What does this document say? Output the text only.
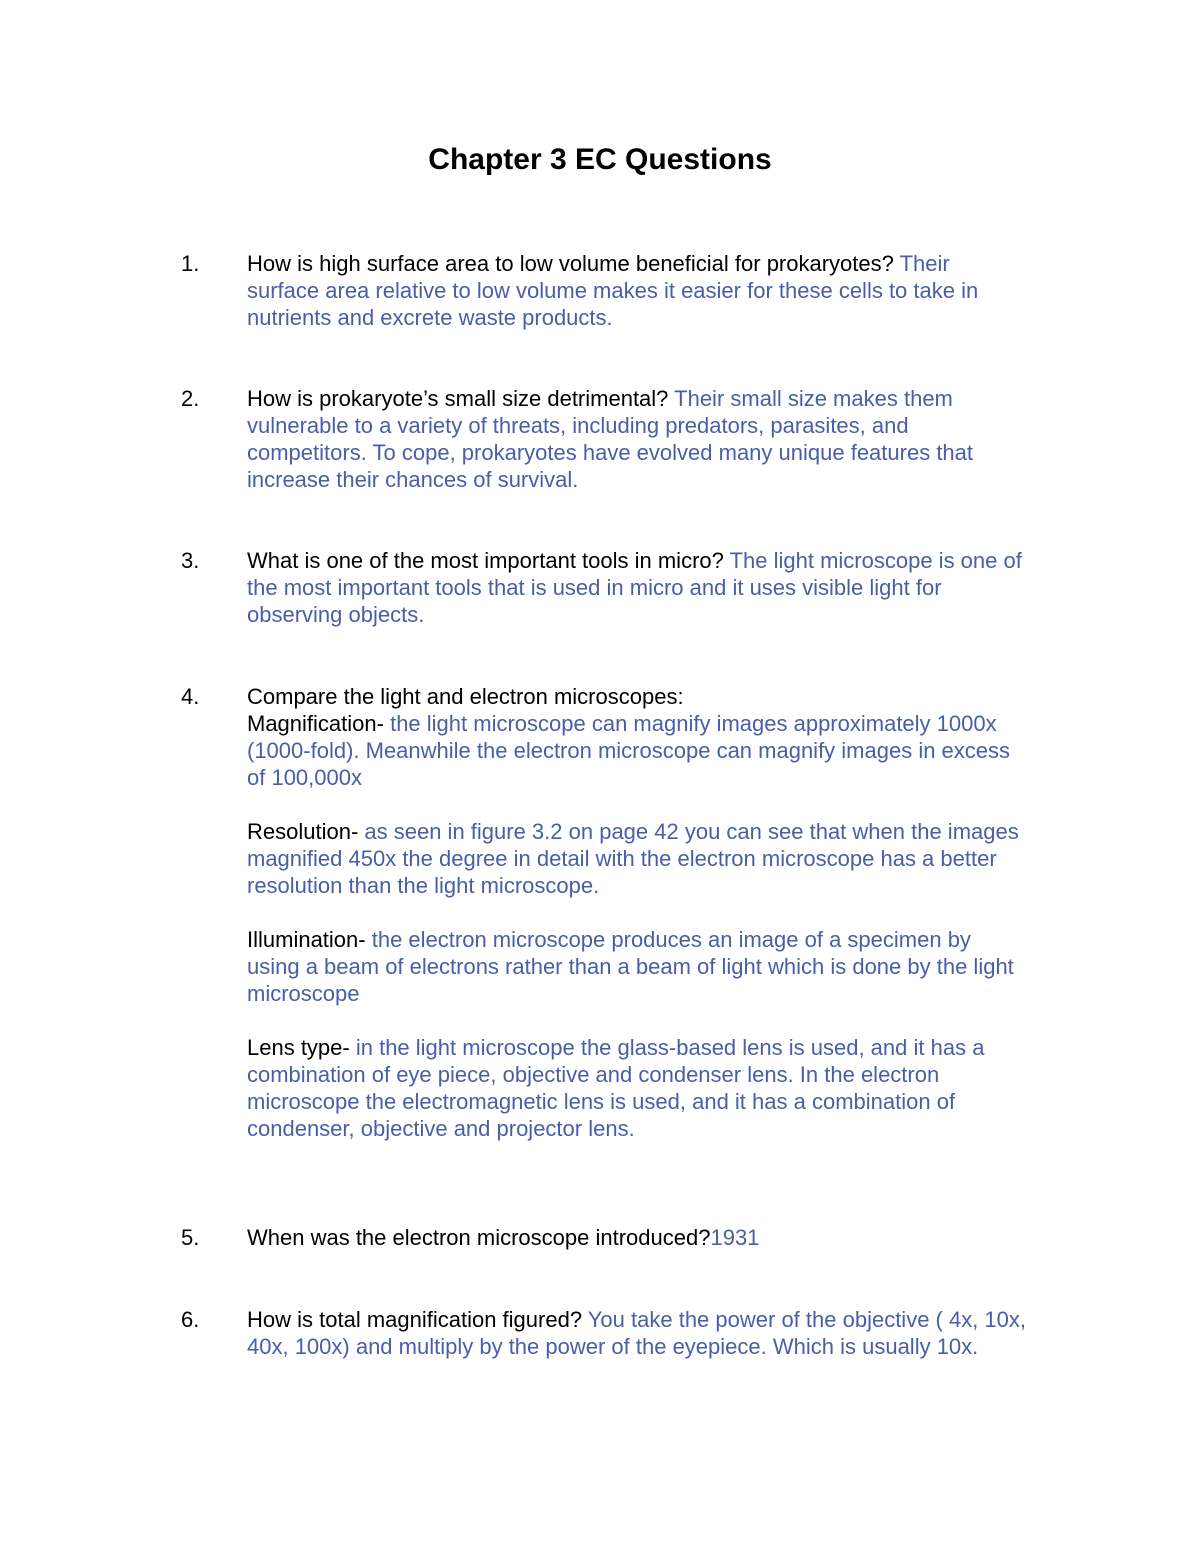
Chapter 3 EC Questions
1. How is high surface area to low volume beneficial for prokaryotes? Their surface area relative to low volume makes it easier for these cells to take in nutrients and excrete waste products.

2. How is prokaryote’s small size detrimental? Their small size makes them vulnerable to a variety of threats, including predators, parasites, and competitors. To cope, prokaryotes have evolved many unique features that increase their chances of survival.

3. What is one of the most important tools in micro? The light microscope is one of the most important tools that is used in micro and it uses visible light for observing objects.

4. Compare the light and electron microscopes:

Magnification- the light microscope can magnify images approximately 1000x (1000-fold). Meanwhile the electron microscope can magnify images in excess of 100,000x

Resolution- as seen in figure 3.2 on page 42 you can see that when the images magnified 450x the degree in detail with the electron microscope has a better resolution than the light microscope.

Illumination- the electron microscope produces an image of a specimen by using a beam of electrons rather than a beam of light which is done by the light microscope

Lens type- in the light microscope the glass-based lens is used, and it has a combination of eye piece, objective and condenser lens. In the electron microscope the electromagnetic lens is used, and it has a combination of condenser, objective and projector lens.

5. When was the electron microscope introduced?1931

6. How is total magnification figured? You take the power of the objective ( 4x, 10x, 40x, 100x) and multiply by the power of the eyepiece. Which is usually 10x.
